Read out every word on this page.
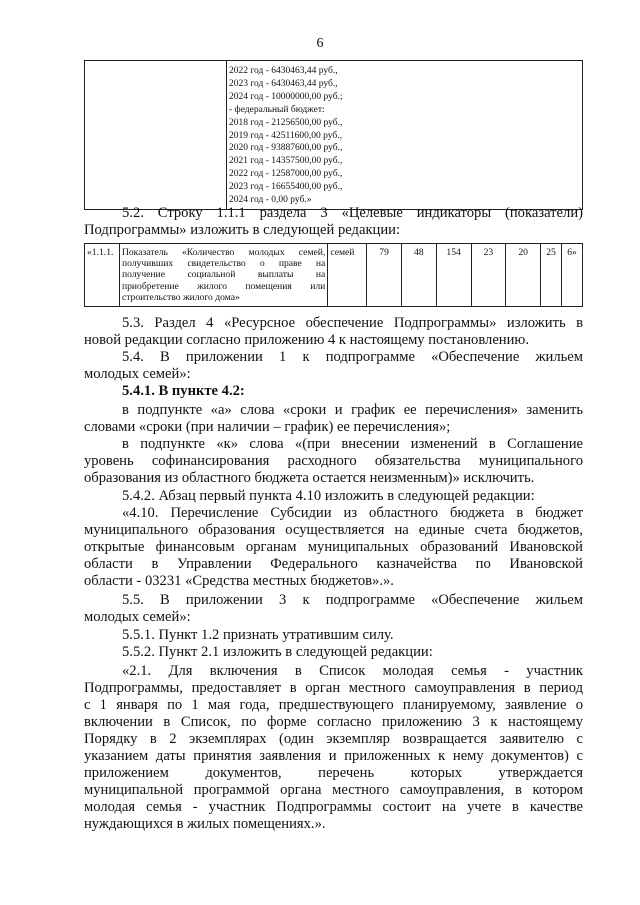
6

2022 год - 6430463,44 руб.,
2023 год - 6430463,44 руб.,
2024 год - 10000000,00 руб.;
- федеральный бюджет:
2018 год - 21256500,00 руб.,
2019 год - 42511600,00 руб.,
2020 год - 93887600,00 руб.,
2021 год - 14357500,00 руб.,
2022 год - 12587000,00 руб.,
2023 год - 16655400,00 руб.,
2024 год - 0,00 руб.»
5.2. Строку 1.1.1 раздела 3 «Целевые индикаторы (показатели)
Подпрограммы» изложить в следующей редакции:
«1.1.1.	Показатель «Количество молодых семей,
получивших свидетельство о праве на
получение социальной выплаты на
приобретение жилого помещения или
строительство жилого дома»
	семей	79	48	154	23	20	25	6»
5.3. Раздел 4 «Ресурсное обеспечение Подпрограммы» изложить в
новой редакции согласно приложению 4 к настоящему постановлению.
5.4. В приложении 1 к подпрограмме «Обеспечение жильем
молодых семей»:
5.4.1. В пункте 4.2:
в подпункте «а» слова «сроки и график ее перечисления» заменить
словами «сроки (при наличии – график) ее перечисления»;
в подпункте «к» слова «(при внесении изменений в Соглашение
уровень софинансирования расходного обязательства муниципального
образования из областного бюджета остается неизменным)» исключить.
5.4.2. Абзац первый пункта 4.10 изложить в следующей редакции:
«4.10. Перечисление Субсидии из областного бюджета в бюджет
муниципального образования осуществляется на единые счета бюджетов,
открытые финансовым органам муниципальных образований Ивановской
области в Управлении Федерального казначейства по Ивановской
области - 03231 «Средства местных бюджетов».».
5.5. В приложении 3 к подпрограмме «Обеспечение жильем
молодых семей»:
5.5.1. Пункт 1.2 признать утратившим силу.
5.5.2. Пункт 2.1 изложить в следующей редакции:
«2.1. Для включения в Список молодая семья - участник
Подпрограммы, предоставляет в орган местного самоуправления в период
с 1 января по 1 мая года, предшествующего планируемому, заявление о
включении в Список, по форме согласно приложению 3 к настоящему
Порядку в 2 экземплярах (один экземпляр возвращается заявителю с
указанием даты принятия заявления и приложенных к нему документов) с
приложением документов, перечень которых утверждается
муниципальной программой органа местного самоуправления, в котором
молодая семья - участник Подпрограммы состоит на учете в качестве
нуждающихся в жилых помещениях.».
